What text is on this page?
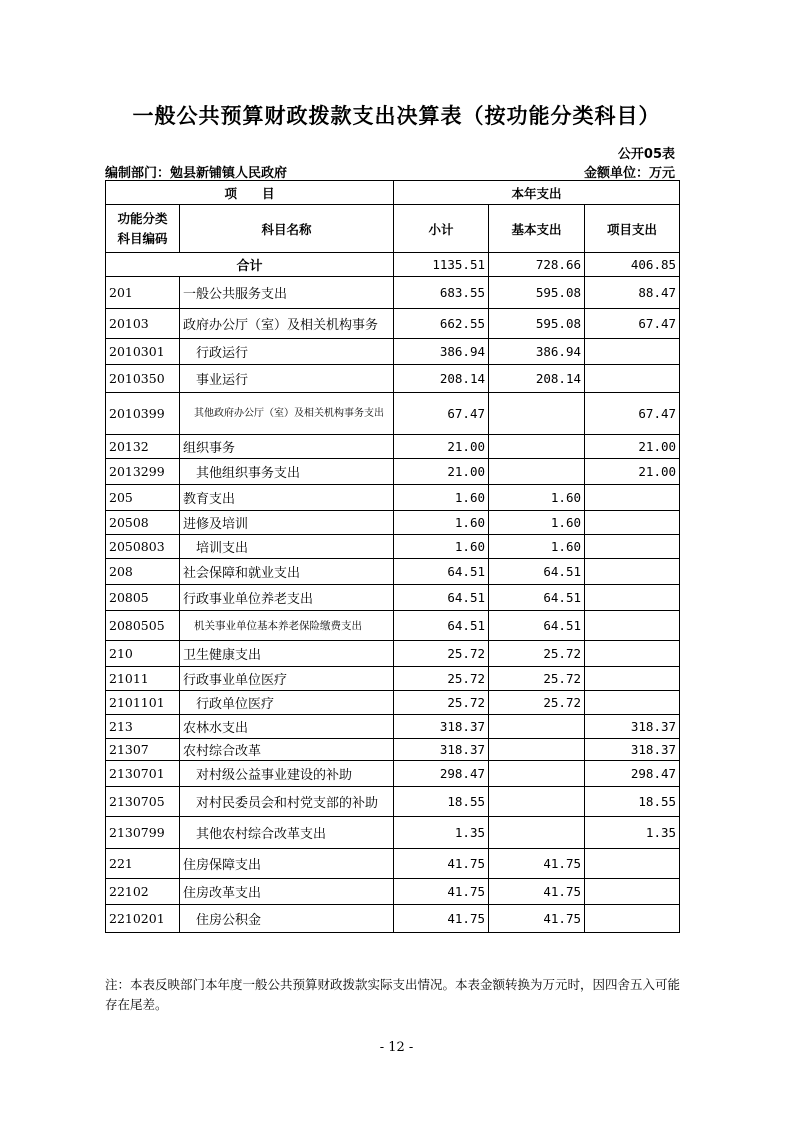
一般公共预算财政拨款支出决算表（按功能分类科目）
公开05表
编制部门：勉县新铺镇人民政府	金额单位：万元
项　　目		本年支出		
功能分类
科目编码	科目名称	小计	基本支出	项目支出
合计		1135.51	728.66	406.85
201	一般公共服务支出	683.55	595.08	88.47
20103	政府办公厅（室）及相关机构事务	662.55	595.08	67.47
2010301	行政运行	386.94	386.94	
2010350	事业运行	208.14	208.14	
2010399	其他政府办公厅（室）及相关机构事务支出	67.47		67.47
20132	组织事务	21.00		21.00
2013299	其他组织事务支出	21.00		21.00
205	教育支出	1.60	1.60	
20508	进修及培训	1.60	1.60	
2050803	培训支出	1.60	1.60	
208	社会保障和就业支出	64.51	64.51	
20805	行政事业单位养老支出	64.51	64.51	
2080505	机关事业单位基本养老保险缴费支出	64.51	64.51	
210	卫生健康支出	25.72	25.72	
21011	行政事业单位医疗	25.72	25.72	
2101101	行政单位医疗	25.72	25.72	
213	农林水支出	318.37		318.37
21307	农村综合改革	318.37		318.37
2130701	对村级公益事业建设的补助	298.47		298.47
2130705	对村民委员会和村党支部的补助	18.55		18.55
2130799	其他农村综合改革支出	1.35		1.35
221	住房保障支出	41.75	41.75	
22102	住房改革支出	41.75	41.75	
2210201	住房公积金	41.75	41.75	
注：本表反映部门本年度一般公共预算财政拨款实际支出情况。本表金额转换为万元时，因四舍五入可能存在尾差。
- 12 -
